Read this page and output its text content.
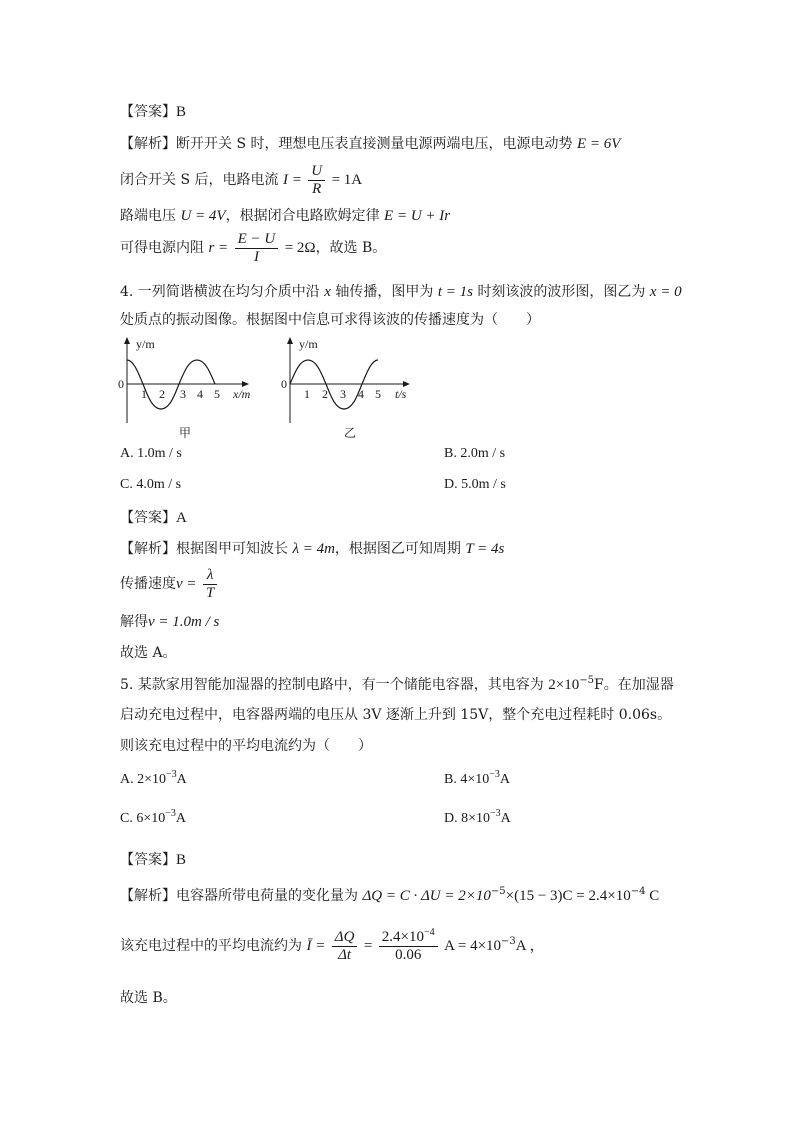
【答案】B
【解析】断开开关 S 时，理想电压表直接测量电源两端电压，电源电动势 E = 6V
闭合开关 S 后，电路电流 $I = \frac{U}{R} = 1A$
路端电压 U = 4V，根据闭合电路欧姆定律 E = U + Ir
可得电源内阻 $r = \frac{E - U}{I} = 2\Omega$，故选 B。
4. 一列简谐横波在均匀介质中沿 x 轴传播，图甲为 t = 1s 时刻该波的波形图，图乙为 x = 0
处质点的振动图像。根据图中信息可求得该波的传播速度为（　　）
y/m
0
1 2 3 4 5 x/m
甲
y/m
0
1 2 3 4 5 t/s
乙
A. 1.0m / s	B. 2.0m / s
C. 4.0m / s	D. 5.0m / s
【答案】A
【解析】根据图甲可知波长 λ = 4m，根据图乙可知周期 T = 4s
传播速度$v = \frac{\lambda}{T}$
解得v = 1.0m / s
故选 A。
5. 某款家用智能加湿器的控制电路中，有一个储能电容器，其电容为 $2\times 10^{-5}F$。在加湿器
启动充电过程中，电容器两端的电压从 3V 逐渐上升到 15V，整个充电过程耗时 0.06s。
则该充电过程中的平均电流约为（　　）
A. $2\times 10^{-3}A$	B. $4\times 10^{-3}A$
C. $6\times 10^{-3}A$	D. $8\times 10^{-3}A$
【答案】B
【解析】电容器所带电荷量的变化量为 $\Delta Q = C \cdot \Delta U = 2\times 10^{-5}\times(15 - 3)C = 2.4\times 10^{-4}$ C
该充电过程中的平均电流约为 Ī = $\frac{\Delta Q}{\Delta t} = \frac{2.4\times 10^{-4}}{0.06}$ $A = 4\times 10^{-3}A$ ，
故选 B。
